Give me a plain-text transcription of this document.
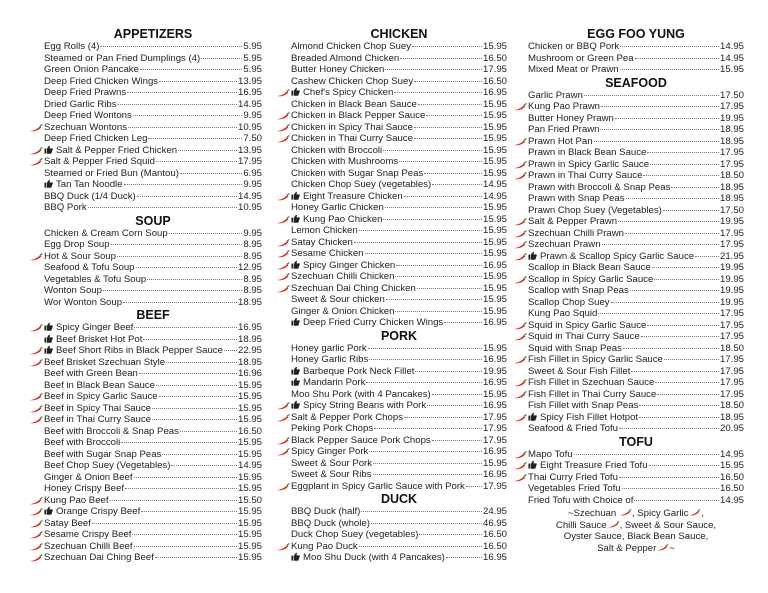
APPETIZERS
Egg Rolls (4)	5.95
Steamed or Pan Fried Dumplings (4)	5.95
Green Onion Pancake	5.95
Deep Fried Chicken Wings	13.95
Deep Fried Prawns	16.95
Dried Garlic Ribs	14.95
Deep Fried Wontons	9.95
Szechuan Wontons	10.95
Deep Fried Chicken Leg	7.50
Salt & Pepper Fried Chicken	13.95
Salt & Pepper Fried Squid	17.95
Steamed or Fried Bun (Mantou)	6.95
Tan Tan Noodle	9.95
BBQ Duck (1/4 Duck)	14.95
BBQ Pork	10.95
SOUP
Chicken & Cream Corn Soup	9.95
Egg Drop Soup	8.95
Hot & Sour Soup	8.95
Seafood & Tofu Soup	12.95
Vegetables & Tofu Soup	8.95
Wonton Soup	8.95
Wor Wonton Soup	18.95
BEEF
Spicy Ginger Beef	16.95
Beef Brisket Hot Pot	18.95
Beef Short Ribs in Black Pepper Sauce 22.95
Beef Brisket Szechuan Style	18.95
Beef with Green Bean	16.96
Beef in Black Bean Sauce	15.95
Beef in Spicy Garlic Sauce	15.95
Beef in Spicy Thai Sauce	15.95
Beef in Thai Curry Sauce	15.95
Beef with Broccoli & Snap Peas	16.50
Beef with Broccoli	15.95
Beef with Sugar Snap Peas	15.95
Beef Chop Suey (Vegetables)	14.95
Ginger & Onion Beef	15.95
Honey Crispy Beef	15.95
Kung Pao Beef	15.50
Orange Crispy Beef	15.95
Satay Beef	15.95
Sesame Crispy Beef	15.95
Szechuan Chilli Beef	15.95
Szechuan Dai Ching Beef	15.95
CHICKEN
Almond Chicken Chop Suey	15.95
Breaded Almond Chicken	16.50
Butter Honey Chicken	17.95
Cashew Chicken Chop Suey	16.50
Chef's Spicy Chicken	16.95
Chicken in Black Bean Sauce	15.95
Chicken in Black Pepper Sauce	15.95
Chicken in Spicy Thai Sauce	15.95
Chicken in Thai Curry Sauce	15.95
Chicken with Broccoli	15.95
Chicken with Mushrooms	15.95
Chicken with Sugar Snap Peas	15.95
Chicken Chop Suey (vegetables)	14.95
Eight Treasure Chicken	14.95
Honey Garlic Chicken	15.95
Kung Pao Chicken	15.95
Lemon Chicken	15.95
Satay Chicken	15.95
Sesame Chicken	15.95
Spicy Ginger Chicken	16.95
Szechuan Chilli Chicken	15.95
Szechuan Dai Ching Chicken	15.95
Sweet & Sour chicken	15.95
Ginger & Onion Chicken	15.95
Deep Fried Curry Chicken Wings	16.95
PORK
Honey garlic Pork	15.95
Honey Garlic Ribs	16.95
Barbeque Pork Neck Fillet	19.95
Mandarin Pork	16.95
Moo Shu Pork (with 4 Pancakes)	15.95
Spicy String Beans with Pork	16.95
Salt & Pepper Pork Chops	17.95
Peking Pork Chops	17.95
Black Pepper Sauce Pork Chops	17.95
Spicy Ginger Pork	16.95
Sweet & Sour Pork	15.95
Sweet & Sour Ribs	16.95
Eggplant in Spicy Garlic Sauce with Pork 17.95
DUCK
BBQ Duck (half)	24.95
BBQ Duck (whole)	46.95
Duck Chop Suey (vegetables)	16.50
Kung Pao Duck	16.50
Moo Shu Duck (with 4 Pancakes)	16.95
EGG FOO YUNG
Chicken or BBQ Pork	14.95
Mushroom or Green Pea	14.95
Mixed Meat or Prawn	15.95
SEAFOOD
Garlic Prawn	17.50
Kung Pao Prawn	17.95
Butter Honey Prawn	19.95
Pan Fried Prawn	18.95
Prawn Hot Pan	18.95
Prawn in Black Bean Sauce	17.95
Prawn in Spicy Garlic Sauce	17.95
Prawn in Thai Curry Sauce	18.50
Prawn with Broccoli & Snap Peas	18.95
Prawn with Snap Peas	18.95
Prawn Chop Suey (Vegetables)	17.50
Salt & Pepper Prawn	19.95
Szechuan Chilli Prawn	17.95
Szechuan Prawn	17.95
Prawn & Scallop Spicy Garlic Sauce	21.95
Scallop in Black Bean Sauce	19.95
Scallop in Spicy Garlic Sauce	19.95
Scallop with Snap Peas	19.95
Scallop Chop Suey	19.95
Kung Pao Squid	17.95
Squid in Spicy Garlic Sauce	17.95
Squid in Thai Curry Sauce	17.95
Squid with Snap Peas	18.50
Fish Fillet in Spicy Garlic Sauce	17.95
Sweet & Sour Fish Fillet	17.95
Fish Fillet in Szechuan Sauce	17.95
Fish Fillet in Thai Curry Sauce	17.95
Fish Fillet with Snap Peas	18.50
Spicy Fish Fillet Hotpot	18.95
Seafood & Fried Tofu	20.95
TOFU
Mapo Tofu	14.95
Eight Treasure Fried Tofu	15.95
Thai Curry Fried Tofu	16.50
Vegetables Fried Tofu	16.50
Fried Tofu with Choice of	14.95
~Szechuan , Spicy Garlic ,
Chilli Sauce , Sweet & Sour Sauce,
Oyster Sauce, Black Bean Sauce,
Salt & Pepper ~
